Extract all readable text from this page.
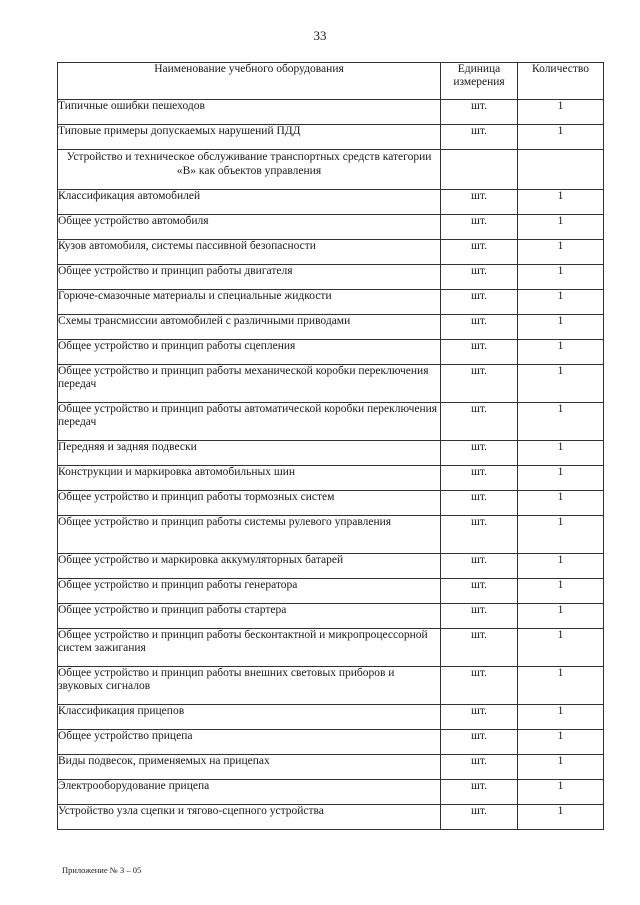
33
Наименование учебного оборудования	Единица измерения	Количество
Типичные ошибки пешеходов	шт.	1
Типовые примеры допускаемых нарушений ПДД	шт.	1
Устройство и техническое обслуживание транспортных средств категории «В» как объектов управления		
Классификация автомобилей	шт.	1
Общее устройство автомобиля	шт.	1
Кузов автомобиля, системы пассивной безопасности	шт.	1
Общее устройство и принцип работы двигателя	шт.	1
Горюче-смазочные материалы и специальные жидкости	шт.	1
Схемы трансмиссии автомобилей с различными приводами	шт.	1
Общее устройство и принцип работы сцепления	шт.	1
Общее устройство и принцип работы механической коробки переключения передач	шт.	1
Общее устройство и принцип работы автоматической коробки переключения передач	шт.	1
Передняя и задняя подвески	шт.	1
Конструкции и маркировка автомобильных шин	шт.	1
Общее устройство и принцип работы тормозных систем	шт.	1
Общее устройство и принцип работы системы рулевого управления	шт.	1
Общее устройство и маркировка аккумуляторных батарей	шт.	1
Общее устройство и принцип работы генератора	шт.	1
Общее устройство и принцип работы стартера	шт.	1
Общее устройство и принцип работы бесконтактной и микропроцессорной систем зажигания	шт.	1
Общее устройство и принцип работы внешних световых приборов и звуковых сигналов	шт.	1
Классификация прицепов	шт.	1
Общее устройство прицепа	шт.	1
Виды подвесок, применяемых на прицепах	шт.	1
Электрооборудование прицепа	шт.	1
Устройство узла сцепки и тягово-сцепного устройства	шт.	1
Приложение № 3 – 05
